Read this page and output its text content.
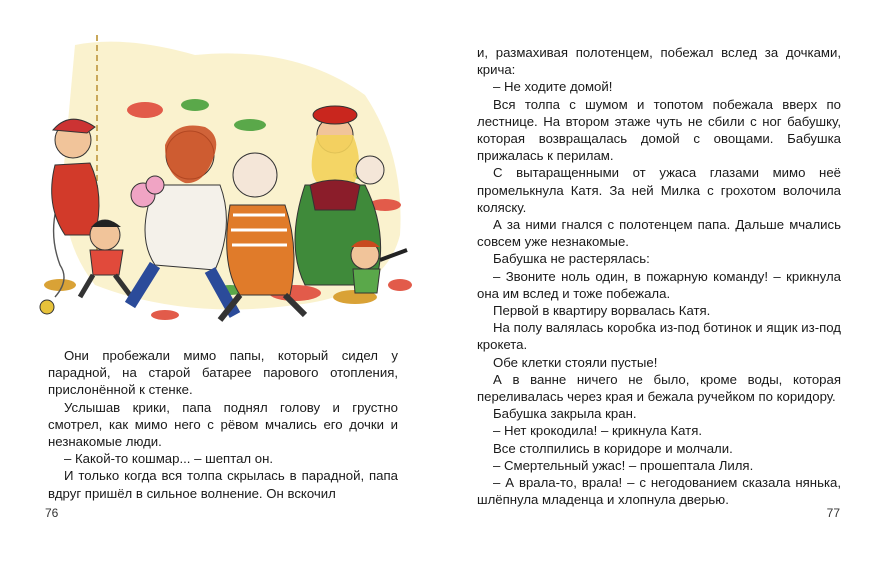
Они пробежали мимо папы, который сидел у парадной, на старой батарее парового отопления, прислонённой к стенке.

Услышав крики, папа поднял голову и грустно смотрел, как мимо него с рёвом мчались его дочки и незнакомые люди.

– Какой-то кошмар... – шептал он.

И только когда вся толпа скрылась в парадной, папа вдруг пришёл в сильное волнение. Он вскочил

76

и, размахивая полотенцем, побежал вслед за дочками, крича:

– Не ходите домой!

Вся толпа с шумом и топотом побежала вверх по лестнице. На втором этаже чуть не сбили с ног бабушку, которая возвращалась домой с овощами. Бабушка прижалась к перилам.

С вытаращенными от ужаса глазами мимо неё промелькнула Катя. За ней Милка с грохотом волочила коляску.

А за ними гнался с полотенцем папа. Дальше мчались совсем уже незнакомые.

Бабушка не растерялась:

– Звоните ноль один, в пожарную команду! – крикнула она им вслед и тоже побежала.

Первой в квартиру ворвалась Катя.

На полу валялась коробка из-под ботинок и ящик из-под крокета.

Обе клетки стояли пустые!

А в ванне ничего не было, кроме воды, которая переливалась через края и бежала ручейком по коридору.

Бабушка закрыла кран.

– Нет крокодила! – крикнула Катя.

Все столпились в коридоре и молчали.

– Смертельный ужас! – прошептала Лиля.

– А врала-то, врала! – с негодованием сказала нянька, шлёпнула младенца и хлопнула дверью.

77
